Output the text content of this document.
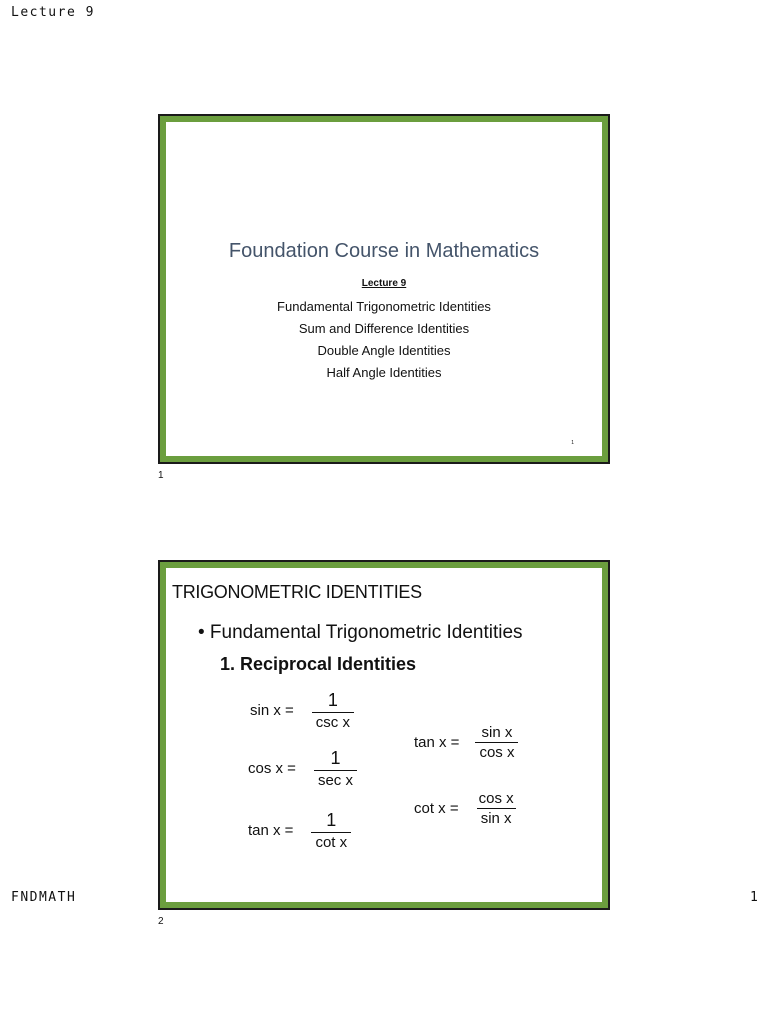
Lecture 9
Foundation Course in Mathematics
Lecture 9
Fundamental Trigonometric Identities
Sum and Difference Identities
Double Angle Identities
Half Angle Identities
1
1
TRIGONOMETRIC IDENTITIES
• Fundamental Trigonometric Identities
1. Reciprocal Identities
$\sin x = \frac{1}{\text{csc x}}$
$\cos x = \frac{1}{\text{sec x}}$
$\tan x = \frac{1}{\text{cot x}}$
$\tan x = \frac{\text{sin x}}{\text{cos x}}$
$\cot x = \frac{\text{cos x}}{\text{sin x}}$
FNDMATH	1
2
